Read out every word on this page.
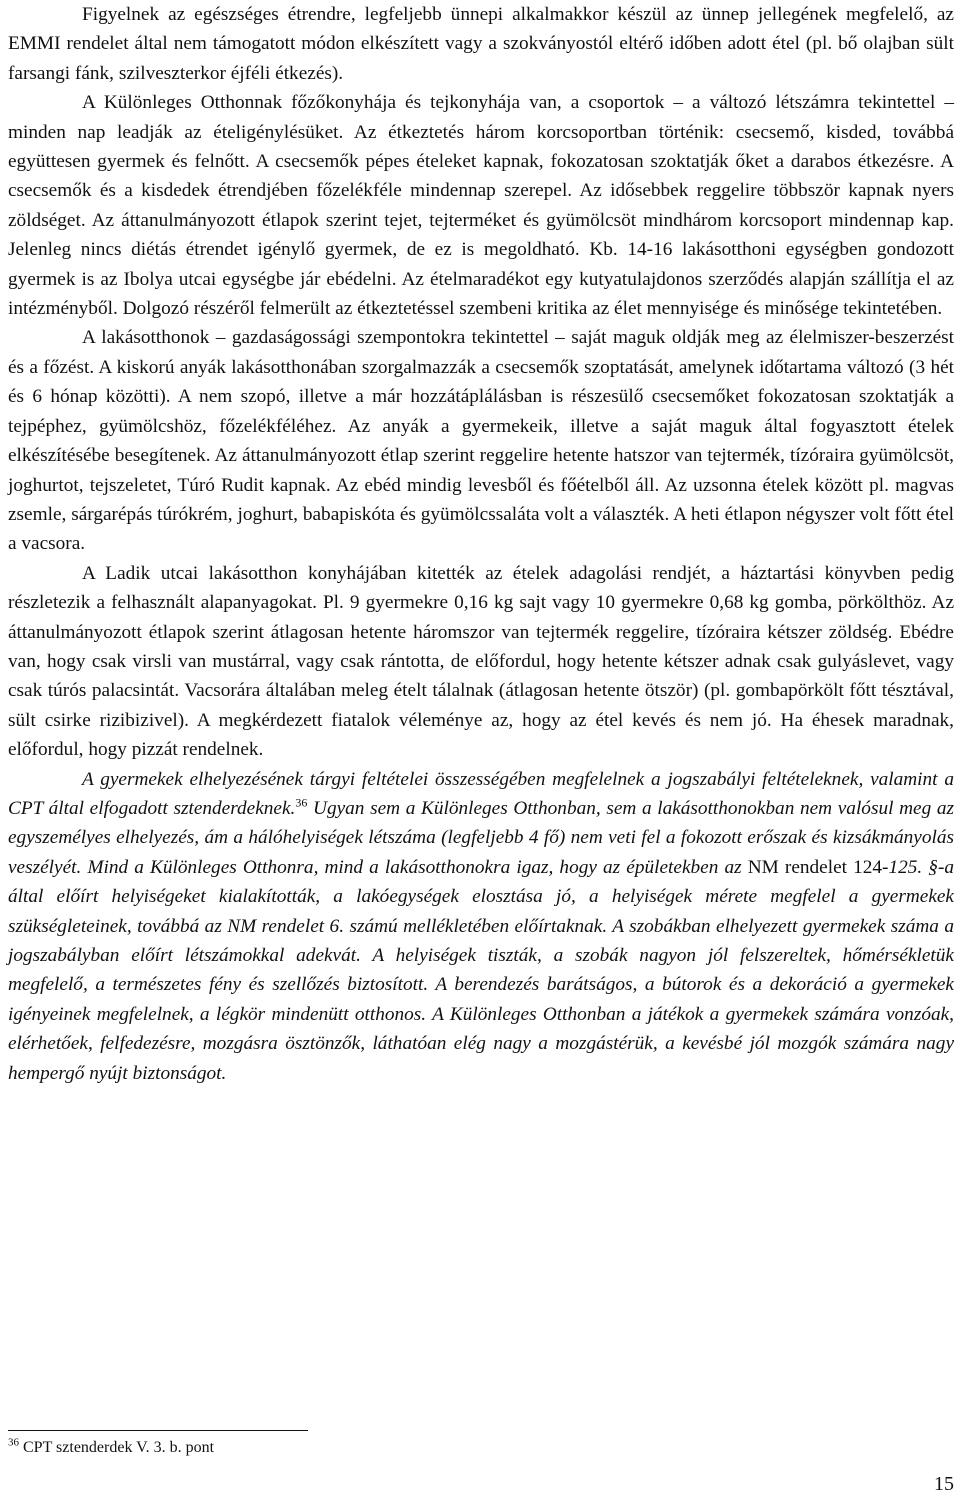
Figyelnek az egészséges étrendre, legfeljebb ünnepi alkalmakkor készül az ünnep jellegének megfelelő, az EMMI rendelet által nem támogatott módon elkészített vagy a szokványostól eltérő időben adott étel (pl. bő olajban sült farsangi fánk, szilveszterkor éjféli étkezés).

A Különleges Otthonnak főzőkonyhája és tejkonyhája van, a csoportok – a változó létszámra tekintettel – minden nap leadják az ételigénylésüket. Az étkeztetés három korcsoportban történik: csecsemő, kisded, továbbá együttesen gyermek és felnőtt. A csecsemők pépes ételeket kapnak, fokozatosan szoktatják őket a darabos étkezésre. A csecsemők és a kisdedek étrendjében főzelékféle mindennap szerepel. Az idősebbek reggelire többször kapnak nyers zöldséget. Az áttanulmányozott étlapok szerint tejet, tejterméket és gyümölcsöt mindhárom korcsoport mindennap kap. Jelenleg nincs diétás étrendet igénylő gyermek, de ez is megoldható. Kb. 14-16 lakásotthoni egységben gondozott gyermek is az Ibolya utcai egységbe jár ebédelni. Az ételmaradékot egy kutyatulajdonos szerződés alapján szállítja el az intézményből. Dolgozó részéről felmerült az étkeztetéssel szembeni kritika az élet mennyisége és minősége tekintetében.

A lakásotthonok – gazdaságossági szempontokra tekintettel – saját maguk oldják meg az élelmiszer-beszerzést és a főzést. A kiskorú anyák lakásotthonában szorgalmazzák a csecsemők szoptatását, amelynek időtartama változó (3 hét és 6 hónap közötti). A nem szopó, illetve a már hozzátáplálásban is részesülő csecsemőket fokozatosan szoktatják a tejpéphez, gyümölcshöz, főzelékféléhez. Az anyák a gyermekeik, illetve a saját maguk által fogyasztott ételek elkészítésébe besegítenek. Az áttanulmányozott étlap szerint reggelire hetente hatszor van tejtermék, tízóraira gyümölcsöt, joghurtot, tejszeletet, Túró Rudit kapnak. Az ebéd mindig levesből és főételből áll. Az uzsonna ételek között pl. magvas zsemle, sárgarépás túrókrém, joghurt, babapiskóta és gyümölcssaláta volt a választék. A heti étlapon négyszer volt főtt étel a vacsora.

A Ladik utcai lakásotthon konyhájában kitették az ételek adagolási rendjét, a háztartási könyvben pedig részletezik a felhasznált alapanyagokat. Pl. 9 gyermekre 0,16 kg sajt vagy 10 gyermekre 0,68 kg gomba, pörkölthöz. Az áttanulmányozott étlapok szerint átlagosan hetente háromszor van tejtermék reggelire, tízóraira kétszer zöldség. Ebédre van, hogy csak virsli van mustárral, vagy csak rántotta, de előfordul, hogy hetente kétszer adnak csak gulyáslevet, vagy csak túrós palacsintát. Vacsorára általában meleg ételt tálalnak (átlagosan hetente ötször) (pl. gombapörkölt főtt tésztával, sült csirke rizibizivel). A megkérdezett fiatalok véleménye az, hogy az étel kevés és nem jó. Ha éhesek maradnak, előfordul, hogy pizzát rendelnek.

A gyermekek elhelyezésének tárgyi feltételei összességében megfelelnek a jogszabályi feltételeknek, valamint a CPT által elfogadott sztenderdeknek.$^{36}$ Ugyan sem a Különleges Otthonban, sem a lakásotthonokban nem valósul meg az egyszemélyes elhelyezés, ám a hálóhelyiségek létszáma (legfeljebb 4 fő) nem veti fel a fokozott erőszak és kizsákmányolás veszélyét. Mind a Különleges Otthonra, mind a lakásotthonokra igaz, hogy az épületekben az NM rendelet 124-125. §-a által előírt helyiségeket kialakították, a lakóegységek elosztása jó, a helyiségek mérete megfelel a gyermekek szükségleteinek, továbbá az NM rendelet 6. számú mellékletében előírtaknak. A szobákban elhelyezett gyermekek száma a jogszabályban előírt létszámokkal adekvát. A helyiségek tiszták, a szobák nagyon jól felszereltek, hőmérsékletük megfelelő, a természetes fény és szellőzés biztosított. A berendezés barátságos, a bútorok és a dekoráció a gyermekek igényeinek megfelelnek, a légkör mindenütt otthonos. A Különleges Otthonban a játékok a gyermekek számára vonzóak, elérhetőek, felfedezésre, mozgásra ösztönzők, láthatóan elég nagy a mozgástérük, a kevésbé jól mozgók számára nagy hempergő nyújt biztonságot.

$^{36}$ CPT sztenderdek V. 3. b. pont
15
